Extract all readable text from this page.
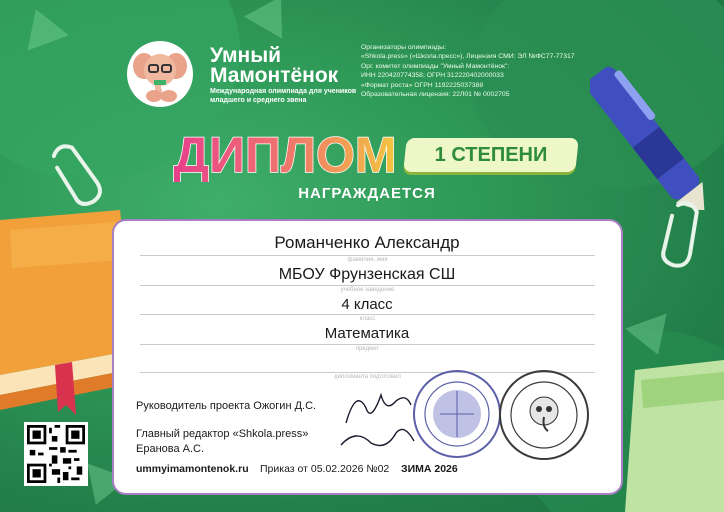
Умный
Мамонтёнок
Международная олимпиада для учеников младшего и среднего звена
Организаторы олимпиады:
«Shkola.press» («Школа.пресс»), Лицензия СМИ: ЭЛ №ФС77-77317
Орг. комитет олимпиады "Умный Мамонтёнок":
ИНН 220420774358; ОГРН 312220402000033
«Формат роста» ОГРН 1192225037388
Образовательная лицензия: 22Л01 № 0002705
ДИПЛОМ	1 СТЕПЕНИ
НАГРАЖДАЕТСЯ
Романченко Александр
фамилия, имя
МБОУ Фрунзенская СШ
учебное заведение
4 класс
класс
Математика
предмет
дипломанта подготовил
Руководитель проекта Ожогин Д.С.
Главный редактор «Shkola.press»
Еранова А.С.
ummyimamontenok.ru Приказ от 05.02.2026 №02 ЗИМА 2026
